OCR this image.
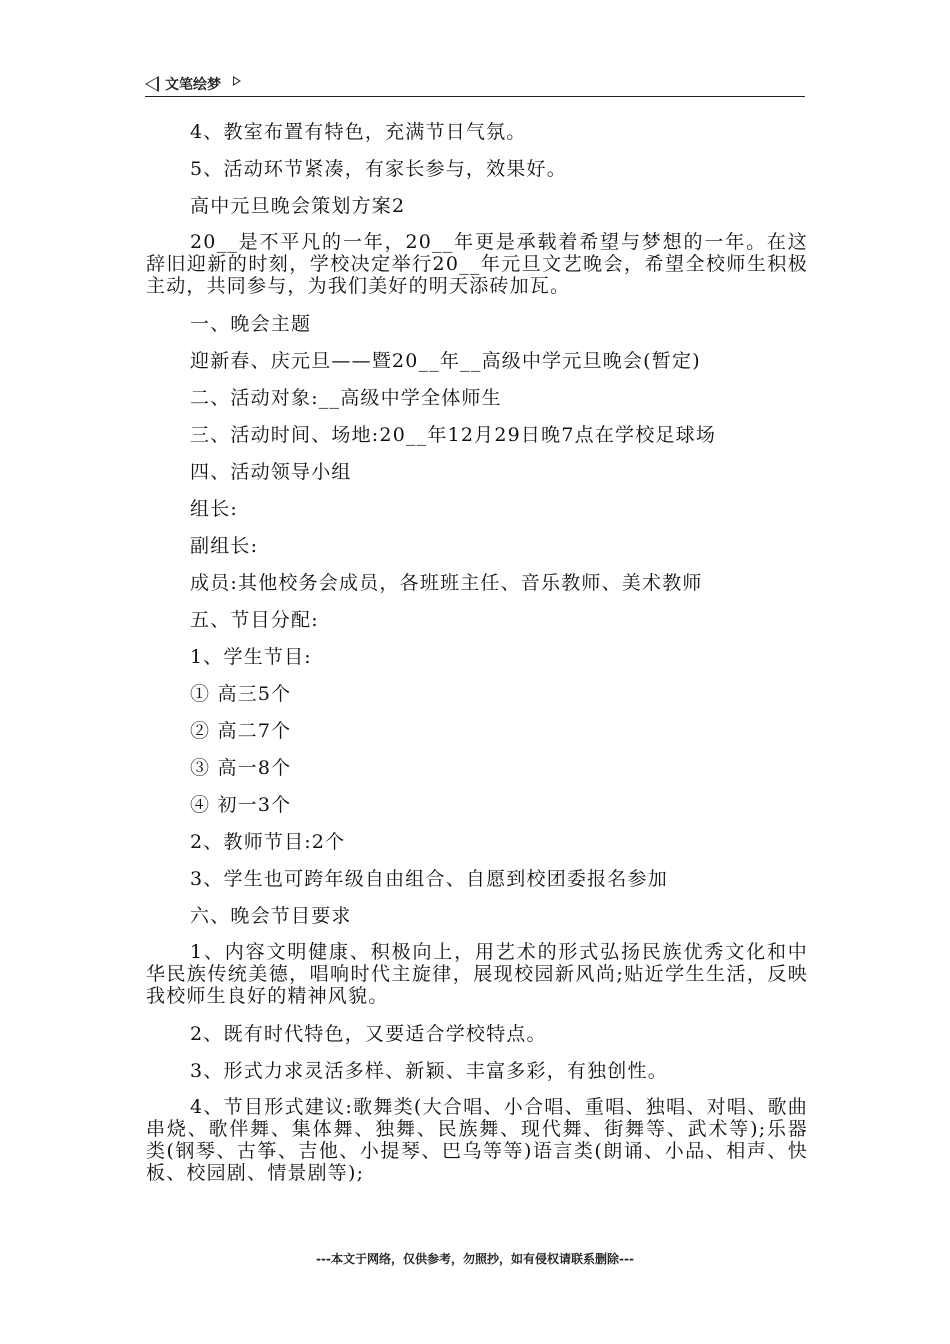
文笔绘梦

4、教室布置有特色，充满节日气氛。

5、活动环节紧凑，有家长参与，效果好。

高中元旦晚会策划方案2

20__是不平凡的一年，20__年更是承载着希望与梦想的一年。在这辞旧迎新的时刻，学校决定举行20__年元旦文艺晚会，希望全校师生积极主动，共同参与，为我们美好的明天添砖加瓦。

一、晚会主题

迎新春、庆元旦——暨20__年__高级中学元旦晚会(暂定)

二、活动对象:__高级中学全体师生

三、活动时间、场地:20__年12月29日晚7点在学校足球场

四、活动领导小组

组长:

副组长:

成员:其他校务会成员，各班班主任、音乐教师、美术教师

五、节目分配:

1、学生节目:

① 高三5个

② 高二7个

③ 高一8个

④ 初一3个

2、教师节目:2个

3、学生也可跨年级自由组合、自愿到校团委报名参加

六、晚会节目要求

1、内容文明健康、积极向上，用艺术的形式弘扬民族优秀文化和中华民族传统美德，唱响时代主旋律，展现校园新风尚;贴近学生生活，反映我校师生良好的精神风貌。

2、既有时代特色，又要适合学校特点。

3、形式力求灵活多样、新颖、丰富多彩，有独创性。

4、节目形式建议:歌舞类(大合唱、小合唱、重唱、独唱、对唱、歌曲串烧、歌伴舞、集体舞、独舞、民族舞、现代舞、街舞等、武术等);乐器类(钢琴、古筝、吉他、小提琴、巴乌等等)语言类(朗诵、小品、相声、快板、校园剧、情景剧等);

---本文于网络，仅供参考，勿照抄，如有侵权请联系删除---
